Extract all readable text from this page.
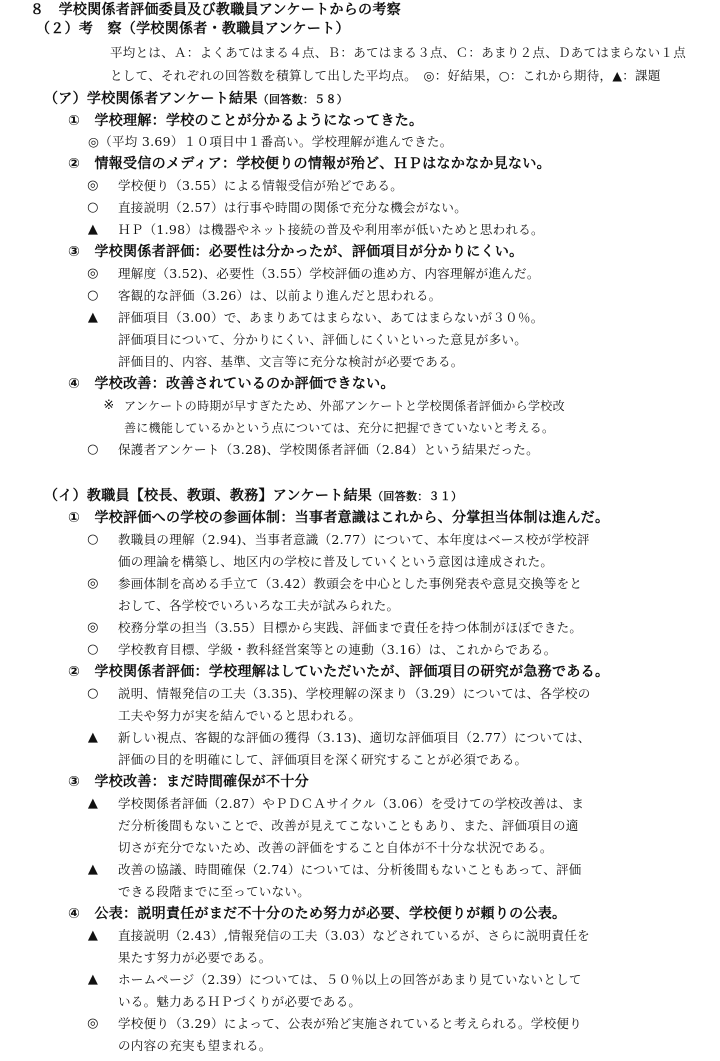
８　学校関係者評価委員及び教職員アンケートからの考察
（２）考　察（学校関係者・教職員アンケート）
平均とは、Ａ：よくあてはまる４点、Ｂ：あてはまる３点、Ｃ：あまり２点、Ｄあてはまらない１点
として、それぞれの回答数を積算して出した平均点。　◎：好結果，○：これから期待，▲：課題
（ア）学校関係者アンケート結果（回答数：５８）
①　学校理解：学校のことが分かるようになってきた。
◎（平均 3.69）１０項目中１番高い。学校理解が進んできた。
②　情報受信のメディア：学校便りの情報が殆ど、ＨＰはなかなか見ない。
◎ 学校便り（3.55）による情報受信が殆どである。
○ 直接説明（2.57）は行事や時間の関係で充分な機会がない。
▲	ＨＰ（1.98）は機器やネット接続の普及や利用率が低いためと思われる。
③　学校関係者評価：必要性は分かったが、評価項目が分かりにくい。
◎ 理解度（3.52)、必要性（3.55）学校評価の進め方、内容理解が進んだ。
○ 客観的な評価（3.26）は、以前より進んだと思われる。
▲	評価項目（3.00）で、あまりあてはまらない、あてはまらないが３０％。
評価項目について、分かりにくい、評価しにくいといった意見が多い。
評価目的、内容、基準、文言等に充分な検討が必要である。
④　学校改善：改善されているのか評価できない。
※ アンケートの時期が早すぎたため、外部アンケートと学校関係者評価から学校改
善に機能しているかという点については、充分に把握できていないと考える。
○ 保護者アンケート（3.28)、学校関係者評価（2.84）という結果だった。
（イ）教職員【校長、教頭、教務】アンケート結果（回答数：３１）
①　学校評価への学校の参画体制：当事者意識はこれから、分掌担当体制は進んだ。
○ 教職員の理解（2.94)、当事者意識（2.77）について、本年度はベース校が学校評
価の理論を構築し、地区内の学校に普及していくという意図は達成された。
◎ 参画体制を高める手立て（3.42）教頭会を中心とした事例発表や意見交換等をと
おして、各学校でいろいろな工夫が試みられた。
◎ 校務分掌の担当（3.55）目標から実践、評価まで責任を持つ体制がほぼできた。
○ 学校教育目標、学級・教科経営案等との連動（3.16）は、これからである。
②　学校関係者評価：学校理解はしていただいたが、評価項目の研究が急務である。
○ 説明、情報発信の工夫（3.35)、学校理解の深まり（3.29）については、各学校の
工夫や努力が実を結んでいると思われる。
▲	新しい視点、客観的な評価の獲得（3.13)、適切な評価項目（2.77）については、
評価の目的を明確にして、評価項目を深く研究することが必須である。
③　学校改善：まだ時間確保が不十分
▲	学校関係者評価（2.87）やＰＤＣＡサイクル（3.06）を受けての学校改善は、ま
だ分析後間もないことで、改善が見えてこないこともあり、また、評価項目の適
切さが充分でないため、改善の評価をすること自体が不十分な状況である。
▲	改善の協議、時間確保（2.74）については、分析後間もないこともあって、評価
できる段階までに至っていない。
④　公表：説明責任がまだ不十分のため努力が必要、学校便りが頼りの公表。
▲	直接説明（2.43）,情報発信の工夫（3.03）などされているが、さらに説明責任を
果たす努力が必要である。
▲	ホームページ（2.39）については、５０％以上の回答があまり見ていないとして
いる。魅力あるＨＰづくりが必要である。
◎ 学校便り（3.29）によって、公表が殆ど実施されていると考えられる。学校便り
の内容の充実も望まれる。
